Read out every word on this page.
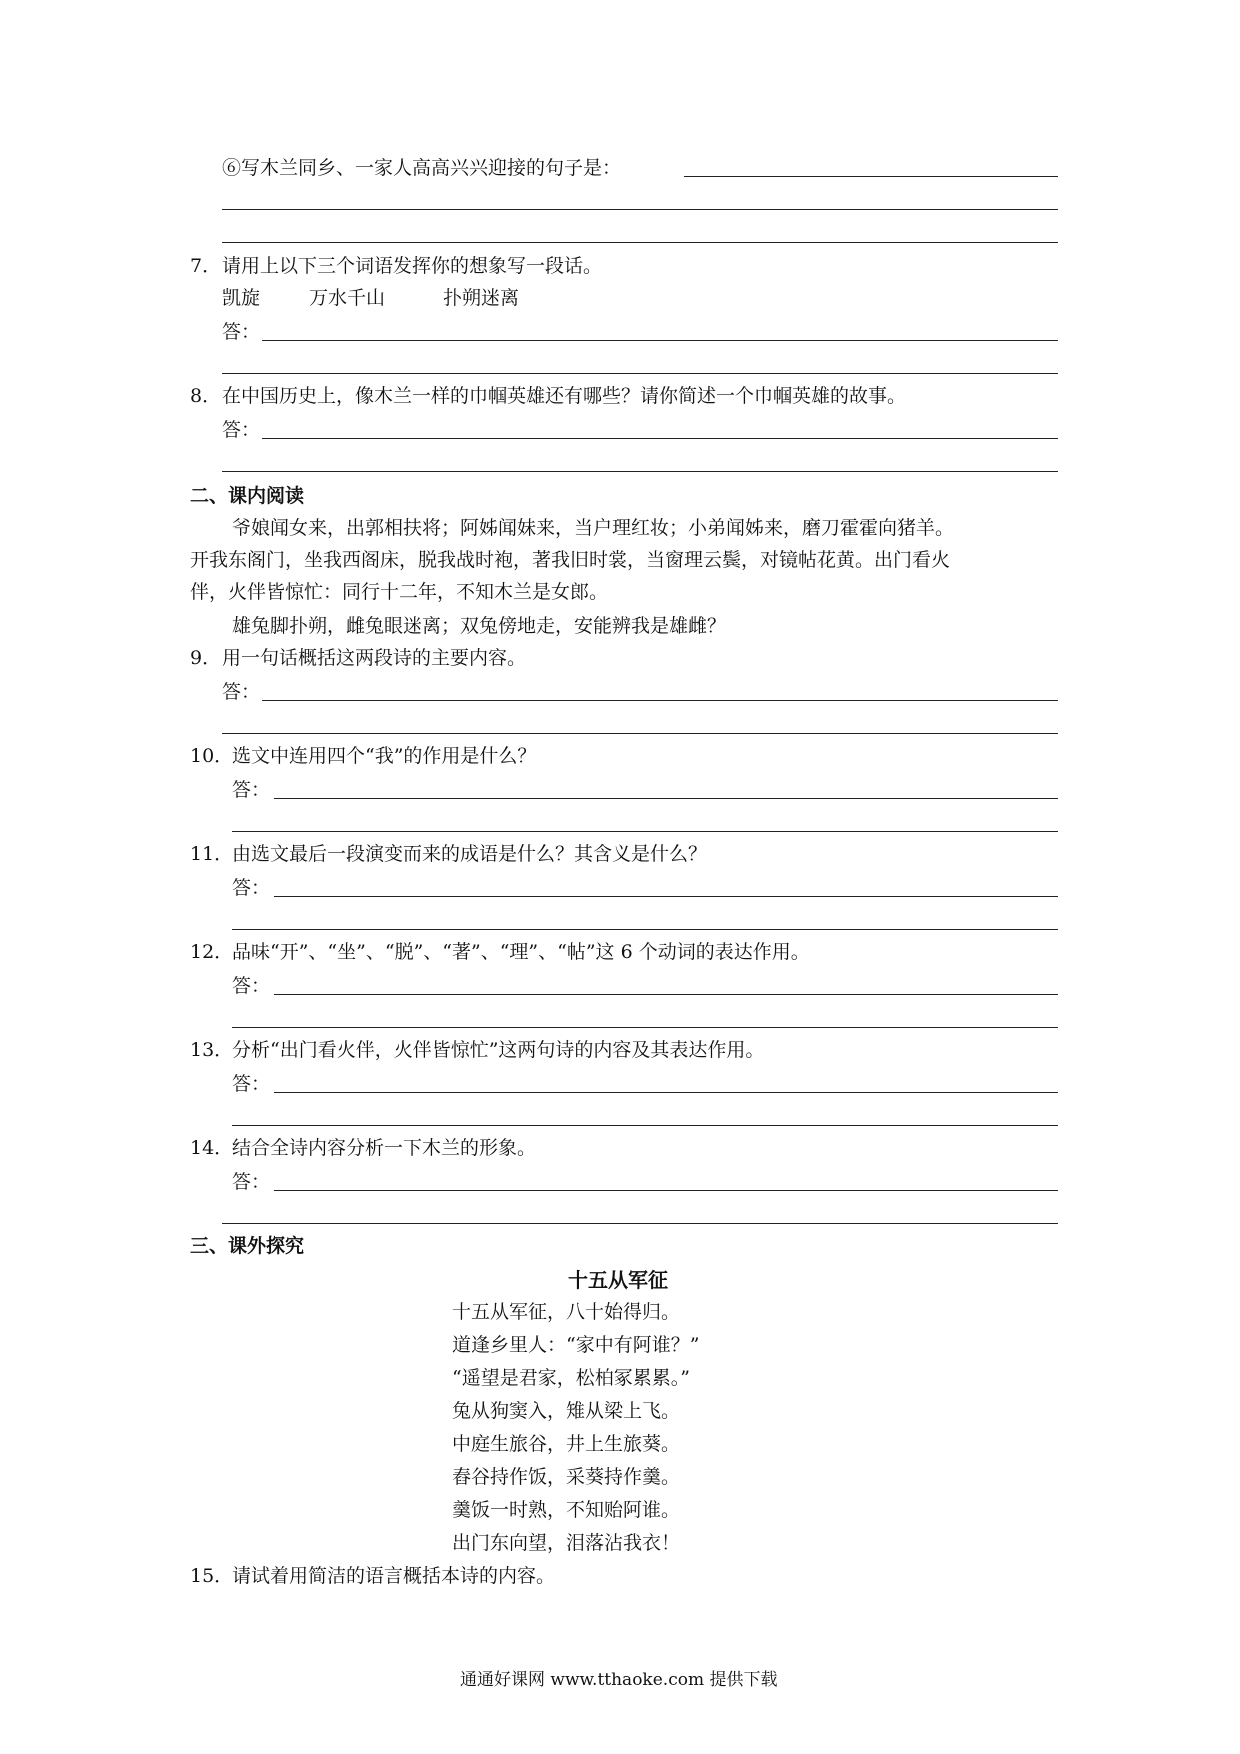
⑥写木兰同乡、一家人高高兴兴迎接的句子是：
7． 请用上以下三个词语发挥你的想象写一段话。
凯旋	万水千山	扑朔迷离
答：
8． 在中国历史上，像木兰一样的巾帼英雄还有哪些？请你简述一个巾帼英雄的故事。
答：
二、课内阅读
爷娘闻女来，出郭相扶将；阿姊闻妹来，当户理红妆；小弟闻姊来，磨刀霍霍向猪羊。
开我东阁门，坐我西阁床，脱我战时袍，著我旧时裳，当窗理云鬓，对镜帖花黄。出门看火
伴，火伴皆惊忙：同行十二年，不知木兰是女郎。
雄兔脚扑朔，雌兔眼迷离；双兔傍地走，安能辨我是雄雌？
9． 用一句话概括这两段诗的主要内容。
答：
10．
选文中连用四个“我”的作用是什么？
答：
11．
由选文最后一段演变而来的成语是什么？其含义是什么？
答：
12．
品味“开”、“坐”、“脱”、“著”、“理”、“帖”这 6 个动词的表达作用。
答：
13．
分析“出门看火伴，火伴皆惊忙”这两句诗的内容及其表达作用。
答：
14．
结合全诗内容分析一下木兰的形象。
答：
三、课外探究
十五从军征
十五从军征，八十始得归。
道逢乡里人：“家中有阿谁？”
“遥望是君家，松柏冢累累。”
兔从狗窦入，雉从梁上飞。
中庭生旅谷，井上生旅葵。
舂谷持作饭，采葵持作羹。
羹饭一时熟，不知贻阿谁。
出门东向望，泪落沾我衣！
15．
请试着用简洁的语言概括本诗的内容。
通通好课网 www.tthaoke.com 提供下载
